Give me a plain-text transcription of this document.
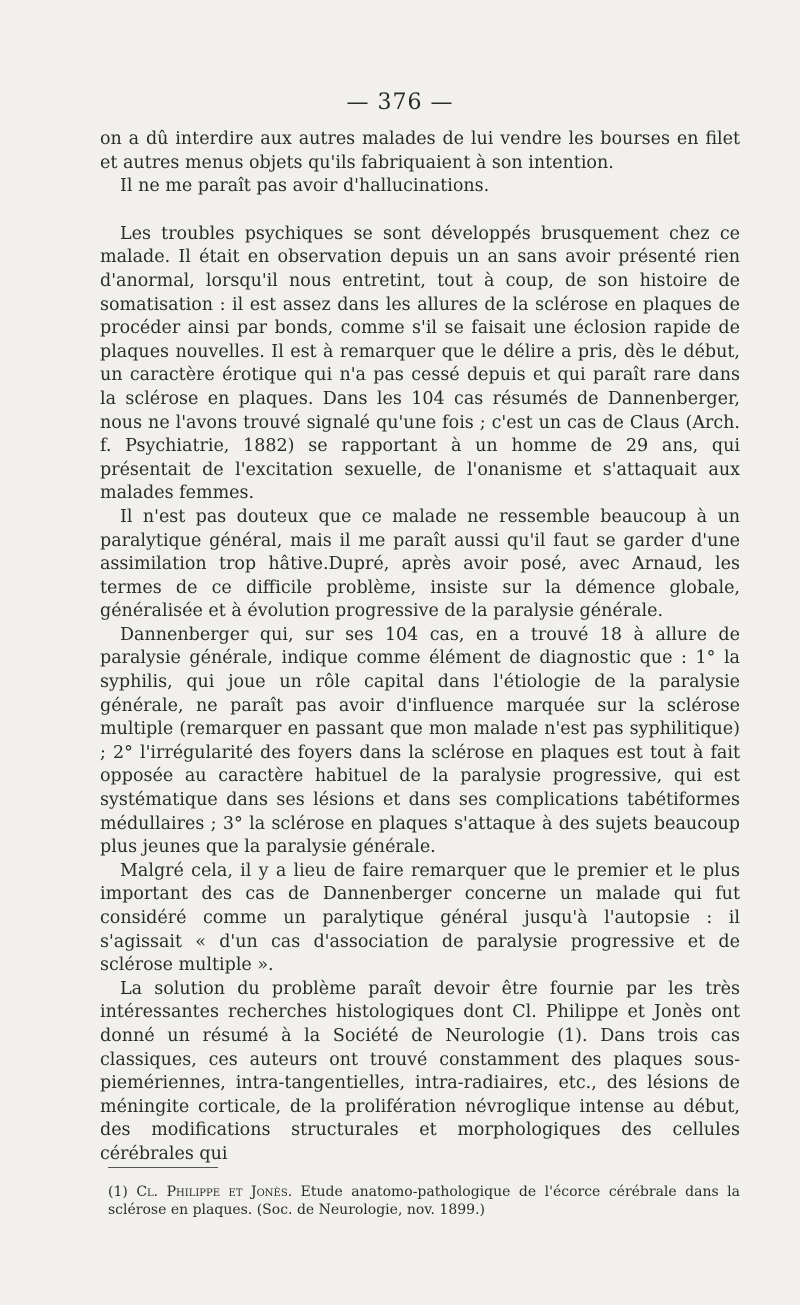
— 376 —

on a dû interdire aux autres malades de lui vendre les bourses en filet et autres menus objets qu'ils fabriquaient à son intention.

Il ne me paraît pas avoir d'hallucinations.

Les troubles psychiques se sont développés brusquement chez ce malade. Il était en observation depuis un an sans avoir présenté rien d'anormal, lorsqu'il nous entretint, tout à coup, de son histoire de somatisation : il est assez dans les allures de la sclérose en plaques de procéder ainsi par bonds, comme s'il se faisait une éclosion rapide de plaques nouvelles. Il est à remarquer que le délire a pris, dès le début, un caractère érotique qui n'a pas cessé depuis et qui paraît rare dans la sclérose en plaques. Dans les 104 cas résumés de Dannenberger, nous ne l'avons trouvé signalé qu'une fois ; c'est un cas de Claus (Arch. f. Psychiatrie, 1882) se rapportant à un homme de 29 ans, qui présentait de l'excitation sexuelle, de l'onanisme et s'attaquait aux malades femmes.

Il n'est pas douteux que ce malade ne ressemble beaucoup à un paralytique général, mais il me paraît aussi qu'il faut se garder d'une assimilation trop hâtive.Dupré, après avoir posé, avec Arnaud, les termes de ce difficile problème, insiste sur la démence globale, généralisée et à évolution progressive de la paralysie générale.

Dannenberger qui, sur ses 104 cas, en a trouvé 18 à allure de paralysie générale, indique comme élément de diagnostic que : 1° la syphilis, qui joue un rôle capital dans l'étiologie de la paralysie générale, ne paraît pas avoir d'influence marquée sur la sclérose multiple (remarquer en passant que mon malade n'est pas syphilitique) ; 2° l'irrégularité des foyers dans la sclérose en plaques est tout à fait opposée au caractère habituel de la paralysie progressive, qui est systématique dans ses lésions et dans ses complications tabétiformes médullaires ; 3° la sclérose en plaques s'attaque à des sujets beaucoup plus jeunes que la paralysie générale.

Malgré cela, il y a lieu de faire remarquer que le premier et le plus important des cas de Dannenberger concerne un malade qui fut considéré comme un paralytique général jusqu'à l'autopsie : il s'agissait « d'un cas d'association de paralysie progressive et de sclérose multiple ».

La solution du problème paraît devoir être fournie par les très intéressantes recherches histologiques dont Cl. Philippe et Jonès ont donné un résumé à la Société de Neurologie (1). Dans trois cas classiques, ces auteurs ont trouvé constamment des plaques sous-piemériennes, intra-tangentielles, intra-radiaires, etc., des lésions de méningite corticale, de la prolifération névroglique intense au début, des modifications structurales et morphologiques des cellules cérébrales qui

(1) Cl. Philippe et Jonès. Etude anatomo-pathologique de l'écorce cérébrale dans la sclérose en plaques. (Soc. de Neurologie, nov. 1899.)
